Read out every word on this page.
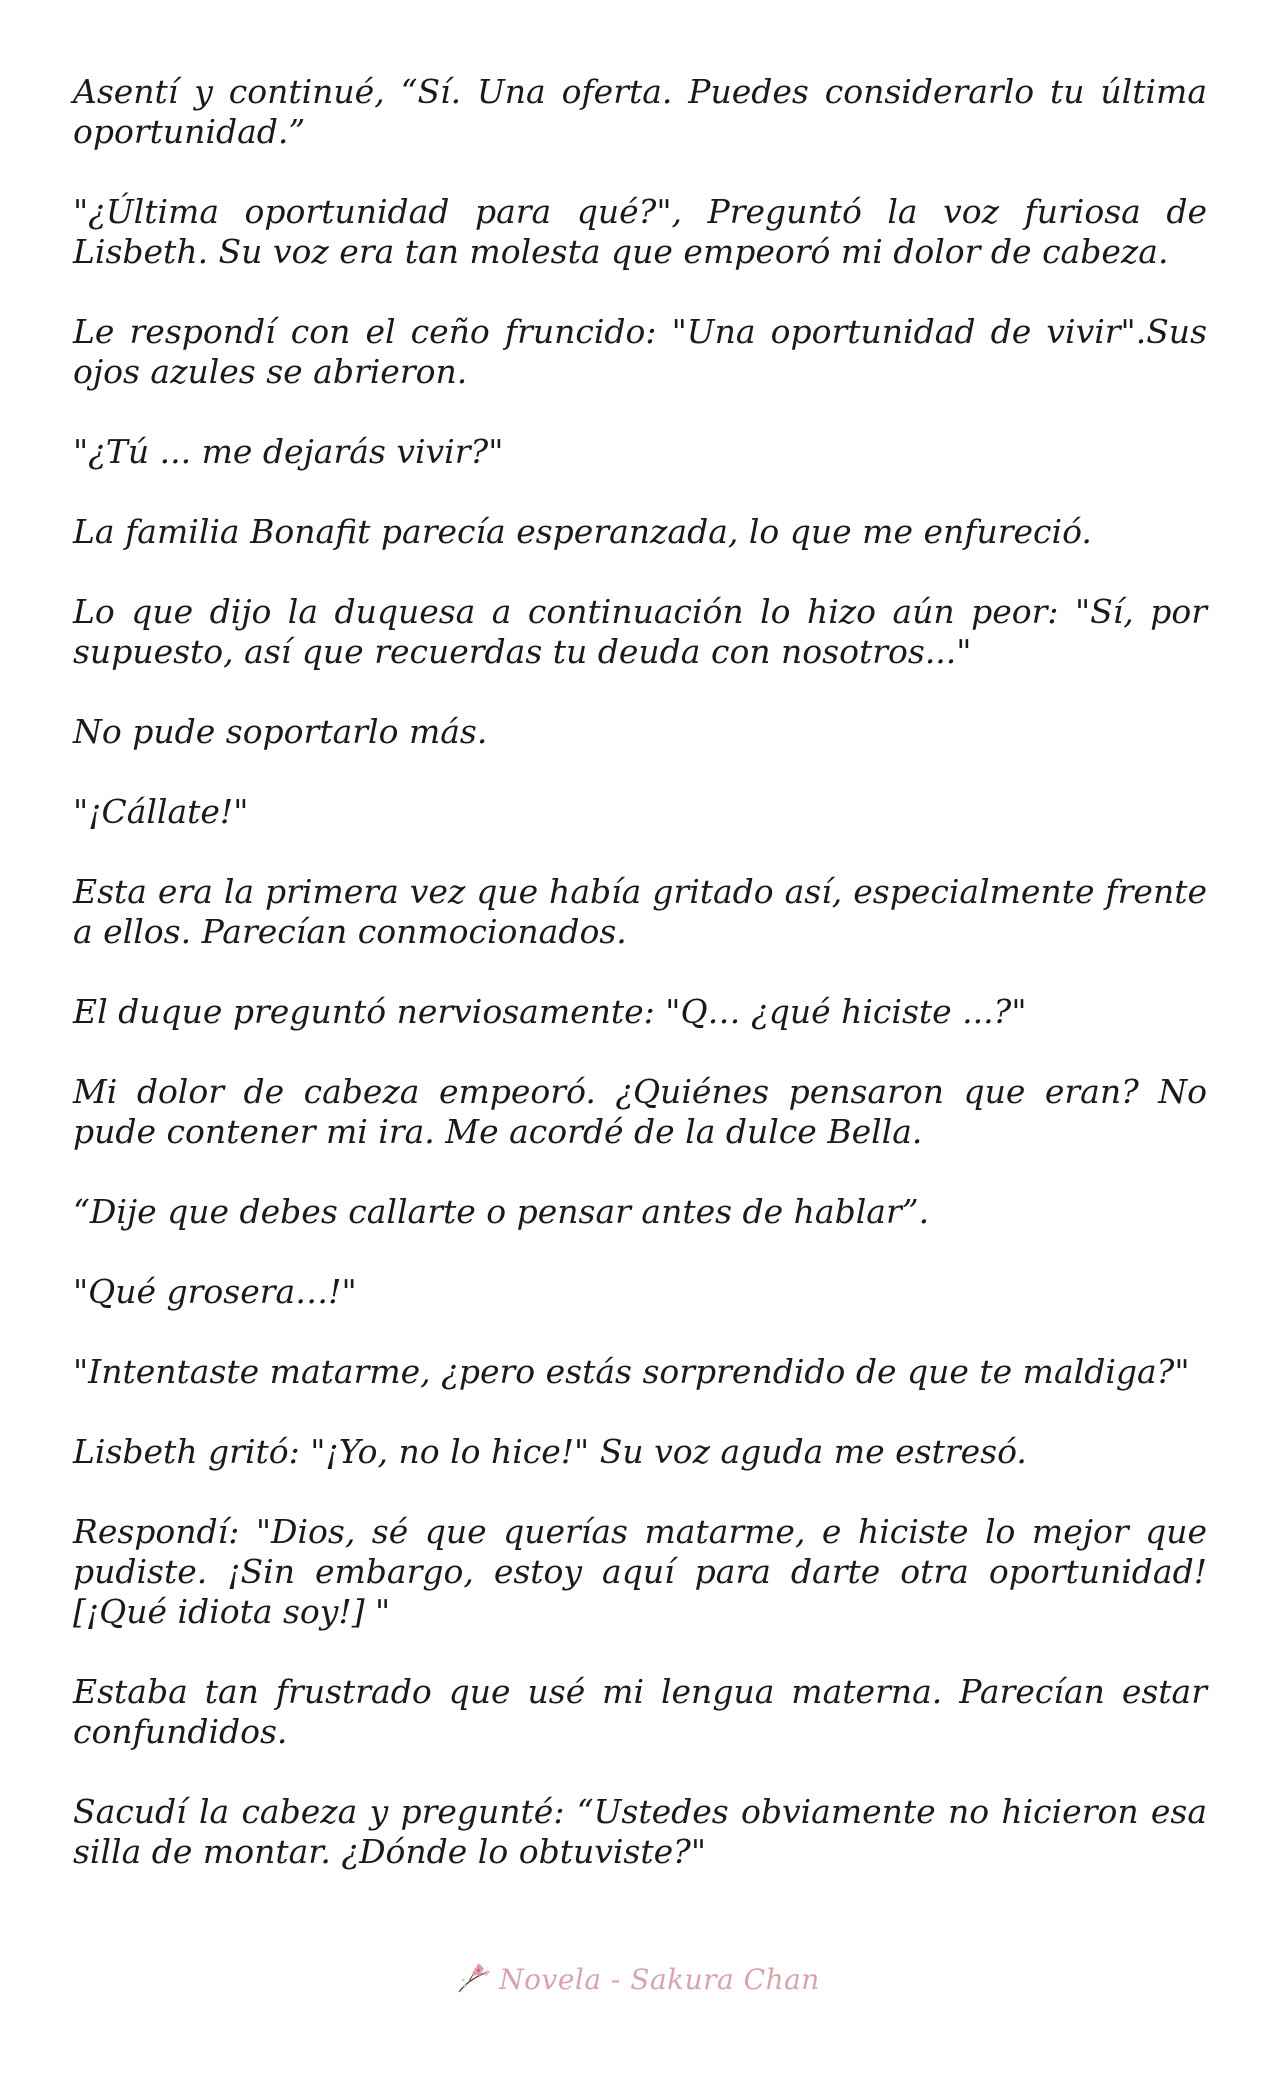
Asentí y continué, “Sí. Una oferta. Puedes considerarlo tu última oportunidad.”

"¿Última oportunidad para qué?", Preguntó la voz furiosa de Lisbeth. Su voz era tan molesta que empeoró mi dolor de cabeza.

Le respondí con el ceño fruncido: "Una oportunidad de vivir".Sus ojos azules se abrieron.

"¿Tú ... me dejarás vivir?"

La familia Bonafit parecía esperanzada, lo que me enfureció.

Lo que dijo la duquesa a continuación lo hizo aún peor: "Sí, por supuesto, así que recuerdas tu deuda con nosotros..."

No pude soportarlo más.

"¡Cállate!"

Esta era la primera vez que había gritado así, especialmente frente a ellos. Parecían conmocionados.

El duque preguntó nerviosamente: "Q… ¿qué hiciste ...?"

Mi dolor de cabeza empeoró. ¿Quiénes pensaron que eran? No pude contener mi ira. Me acordé de la dulce Bella.

“Dije que debes callarte o pensar antes de hablar”.

"Qué grosera…!"

"Intentaste matarme, ¿pero estás sorprendido de que te maldiga?"

Lisbeth gritó: "¡Yo, no lo hice!" Su voz aguda me estresó.

Respondí: "Dios, sé que querías matarme, e hiciste lo mejor que pudiste. ¡Sin embargo, estoy aquí para darte otra oportunidad! [¡Qué idiota soy!] "

Estaba tan frustrado que usé mi lengua materna. Parecían estar confundidos.

Sacudí la cabeza y pregunté: “Ustedes obviamente no hicieron esa silla de montar. ¿Dónde lo obtuviste?"

Novela - Sakura Chan
